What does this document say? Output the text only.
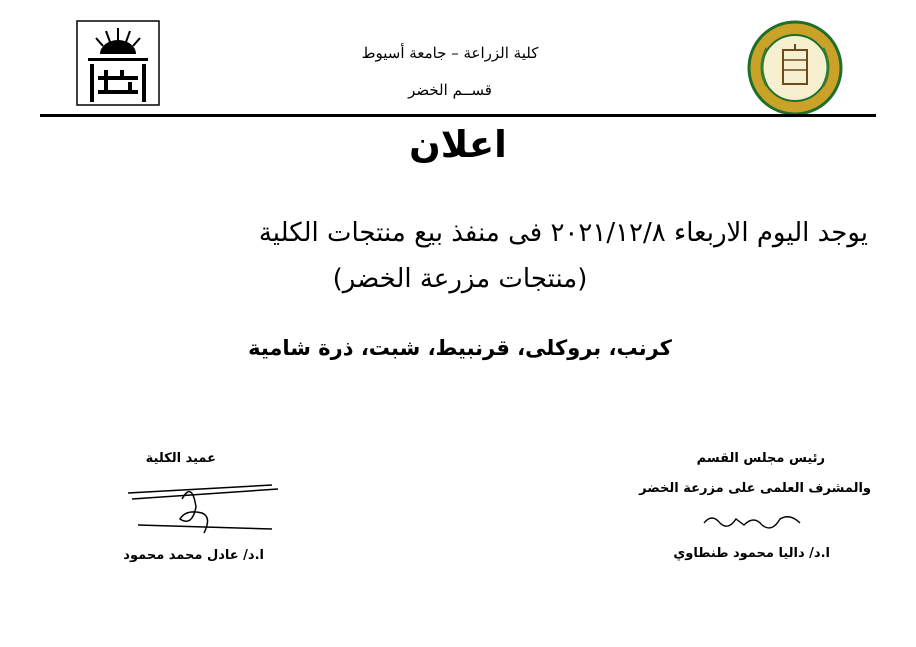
كلية الزراعة – جامعة أسيوط
قســم الخضر
اعلان
يوجد اليوم الاربعاء ٢٠٢١/١٢/٨ فى منفذ بيع منتجات الكلية
(منتجات مزرعة الخضر)
كرنب، بروكلى، قرنبيط، شبت، ذرة شامية
عميد الكلية
ا.د/ عادل محمد محمود
رئيس مجلس القسم
والمشرف العلمى على مزرعة الخضر
ا.د/ داليا محمود طنطاوي
